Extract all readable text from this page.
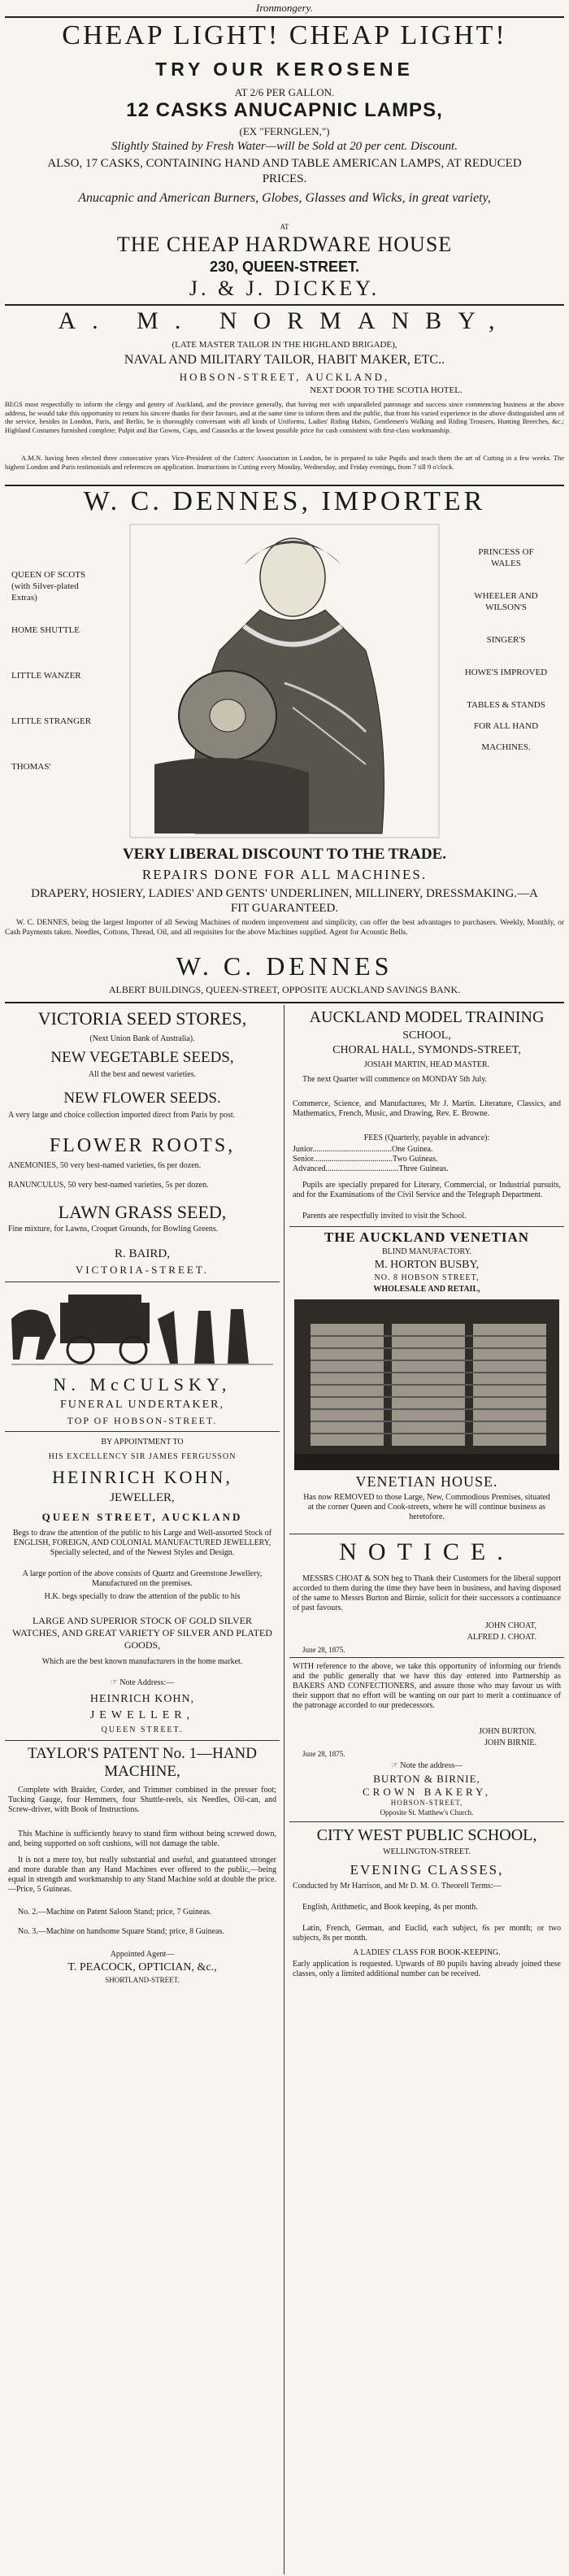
Ironmongery.
CHEAP LIGHT! CHEAP LIGHT!
TRY OUR KEROSENE
AT 2/6 PER GALLON.
12 CASKS ANUCAPNIC LAMPS,
(EX "FERNGLEN,")
Slightly Stained by Fresh Water—will be Sold at 20 per cent. Discount.
ALSO, 17 CASKS, CONTAINING HAND AND TABLE AMERICAN LAMPS, AT REDUCED PRICES.
Anucapnic and American Burners, Globes, Glasses and Wicks, in great variety,
AT
THE CHEAP HARDWARE HOUSE
230, QUEEN-STREET.
J. & J. DICKEY.
A. M. NORMANBY,
(LATE MASTER TAILOR IN THE HIGHLAND BRIGADE),
NAVAL AND MILITARY TAILOR, HABIT MAKER, ETC..
HOBSON-STREET, AUCKLAND,
NEXT DOOR TO THE SCOTIA HOTEL.
BEGS most respectfully to inform the clergy and gentry of Auckland, and the province generally, that having met with unparalleled patronage and success since commencing business at the above address, he would take this opportunity to return his sincere thanks for their favours, and at the same time to inform them and the public, that from his varied experience in the above distinguished arm of the service, besides in London, Paris, and Berlin, he is thoroughly conversant with all kinds of Uniforms, Ladies' Riding Habits, Gentlemen's Walking and Riding Trousers, Hunting Breeches, &c.; Highland Costumes furnished complete; Pulpit and Bar Gowns, Caps, and Cassocks at the lowest possible price for cash consistent with first-class workmanship.
A.M.N. having been elected three consecutive years Vice-President of the Cutters' Association in London, he is prepared to take Pupils and teach them the art of Cutting in a few weeks. The highest London and Paris testimonials and references on application. Instructions in Cutting every Monday, Wednesday, and Friday evenings, from 7 till 9 o'clock.
W. C. DENNES, IMPORTER

QUEEN OF SCOTS

(with Silver-plated

Extras)

HOME SHUTTLE

LITTLE WANZER

LITTLE STRANGER

THOMAS'

PRINCESS OF

WALES

WHEELER AND

WILSON'S

SINGER'S

HOWE'S IMPROVED

TABLES & STANDS

FOR ALL HAND

MACHINES.

VERY LIBERAL DISCOUNT TO THE TRADE.
REPAIRS DONE FOR ALL MACHINES.
DRAPERY, HOSIERY, LADIES' AND GENTS' UNDERLINEN, MILLINERY, DRESSMAKING.—A FIT GUARANTEED.
W. C. DENNES, being the largest Importer of all Sewing Machines of modern improvement and simplicity, can offer the best advantages to purchasers. Weekly, Monthly, or Cash Payments taken. Needles, Cottons, Thread, Oil, and all requisites for the above Machines supplied. Agent for Acoustic Bells.
W. C. DENNES
ALBERT BUILDINGS, QUEEN-STREET, OPPOSITE AUCKLAND SAVINGS BANK.
VICTORIA SEED STORES,
(Next Union Bank of Australia).
NEW VEGETABLE SEEDS,
All the best and newest varieties.
NEW FLOWER SEEDS.
A very large and choice collection imported direct from Paris by post.
FLOWER ROOTS,
ANEMONIES, 50 very best-named varieties, 6s per dozen.
RANUNCULUS, 50 very best-named varieties, 5s per dozen.
LAWN GRASS SEED,
Fine mixture, for Lawns, Croquet Grounds, for Bowling Greens.
R. BAIRD,
VICTORIA-STREET.
N. McCULSKY,
FUNERAL UNDERTAKER,
TOP OF HOBSON-STREET.
BY APPOINTMENT TO
HIS EXCELLENCY SIR JAMES FERGUSSON
HEINRICH KOHN,
JEWELLER,
QUEEN STREET, AUCKLAND
Begs to draw the attention of the public to his Large and Well-assorted Stock of ENGLISH, FOREIGN, AND COLONIAL MANUFACTURED JEWELLERY, Specially selected, and of the Newest Styles and Design.
A large portion of the above consists of Quartz and Greenstone Jewellery, Manufactured on the premises.
H.K. begs specially to draw the attention of the public to his
LARGE AND SUPERIOR STOCK OF GOLD SILVER WATCHES, AND GREAT VARIETY OF SILVER AND PLATED GOODS,
Which are the best known manufacturers in the home market.
☞ Note Address:—
HEINRICH KOHN,
JEWELLER,
QUEEN STREET.
TAYLOR'S PATENT No. 1—HAND MACHINE,
Complete with Braider, Corder, and Trimmer combined in the presser foot; Tucking Gauge, four Hemmers, four Shuttle-reels, six Needles, Oil-can, and Screw-driver, with Book of Instructions.
This Machine is sufficiently heavy to stand firm without being screwed down, and, being supported on soft cushions, will not damage the table.
It is not a mere toy, but really substantial and useful, and guaranteed stronger and more durable than any Hand Machines ever offered to the public,—being equal in strength and workmanship to any Stand Machine sold at double the price.—Price, 5 Guineas.
No. 2.—Machine on Patent Saloon Stand; price, 7 Guineas.
No. 3.—Machine on handsome Square Stand; price, 8 Guineas.
Appointed Agent—
T. PEACOCK, OPTICIAN, &c.,
SHORTLAND-STREET.
AUCKLAND MODEL TRAINING
SCHOOL,
CHORAL HALL, SYMONDS-STREET,
JOSIAH MARTIN, HEAD MASTER.
The next Quarter will commence on MONDAY 5th July.
Commerce, Science, and Manufactures, Mr J. Martin. Literature, Classics, and Mathematics, French, Music, and Drawing, Rev. E. Browne.
FEES (Quarterly, payable in advance):
Junior.......................................One Guinea.
Senior.......................................Two Guineas.
Advanced....................................Three Guineas.
Pupils are specially prepared for Literary, Commercial, or Industrial pursuits, and for the Examinations of the Civil Service and the Telegraph Department.
Parents are respectfully invited to visit the School.
THE AUCKLAND VENETIAN
BLIND MANUFACTORY.
M. HORTON BUSBY,
NO. 8 HOBSON STREET,
WHOLESALE AND RETAIL,
VENETIAN HOUSE.
Has now REMOVED to those Large, New, Commodious Premises, situated at the corner Queen and Cook-streets, where he will continue business as heretofore.
NOTICE.
MESSRS CHOAT & SON beg to Thank their Customers for the liberal support accorded to them during the time they have been in business, and having disposed of the same to Messrs Burton and Birnie, solicit for their successors a continuance of past favours.
JOHN CHOAT,
ALFRED J. CHOAT.
June 28, 1875.
WITH reference to the above, we take this opportunity of informing our friends and the public generally that we have this day entered into Partnership as BAKERS AND CONFECTIONERS, and assure those who may favour us with their support that no effort will be wanting on our part to merit a continuance of the patronage accorded to our predecessors.
JOHN BURTON.
JOHN BIRNIE.
June 28, 1875.
☞ Note the address—
BURTON & BIRNIE,
CROWN BAKERY,
HOBSON-STREET,
Opposite St. Matthew's Church.
CITY WEST PUBLIC SCHOOL,
WELLINGTON-STREET.
EVENING CLASSES,
Conducted by Mr Harrison, and Mr D. M. O. Theorell Terms:—
English, Arithmetic, and Book keeping, 4s per month.
Latin, French, German, and Euclid, each subject, 6s per month; or two subjects, 8s per month.
A LADIES' CLASS FOR BOOK-KEEPING.
Early application is requested. Upwards of 80 pupils having already joined these classes, only a limited additional number can be received.
